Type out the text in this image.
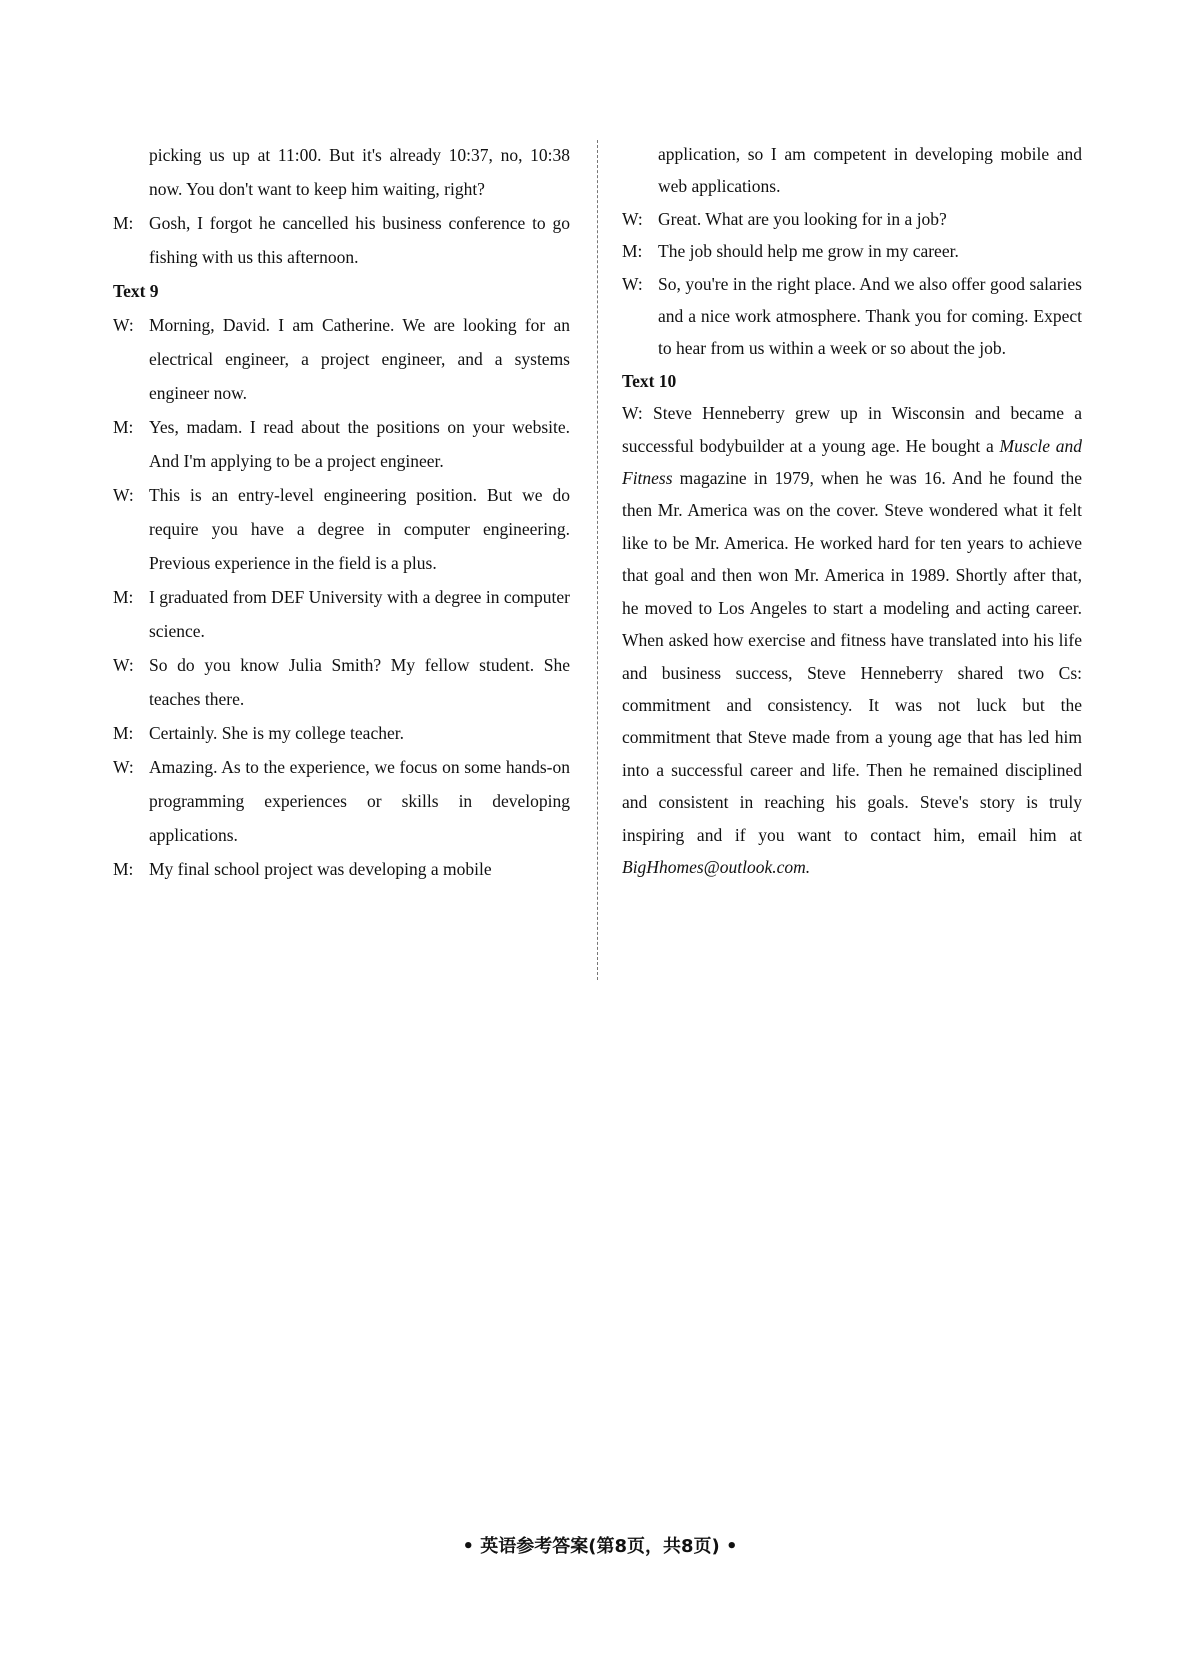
picking us up at 11:00. But it's already 10:37, no, 10:38 now. You don't want to keep him waiting, right?

M: Gosh, I forgot he cancelled his business conference to go fishing with us this afternoon.

Text 9

W: Morning, David. I am Catherine. We are looking for an electrical engineer, a project engineer, and a systems engineer now.

M: Yes, madam. I read about the positions on your website. And I'm applying to be a project engineer.

W: This is an entry-level engineering position. But we do require you have a degree in computer engineering. Previous experience in the field is a plus.

M: I graduated from DEF University with a degree in computer science.

W: So do you know Julia Smith? My fellow student. She teaches there.

M: Certainly. She is my college teacher.

W: Amazing. As to the experience, we focus on some hands-on programming experiences or skills in developing applications.

M: My final school project was developing a mobile

application, so I am competent in developing mobile and web applications.

W: Great. What are you looking for in a job?

M: The job should help me grow in my career.

W: So, you're in the right place. And we also offer good salaries and a nice work atmosphere. Thank you for coming. Expect to hear from us within a week or so about the job.

Text 10

W: Steve Henneberry grew up in Wisconsin and became a successful bodybuilder at a young age. He bought a Muscle and Fitness magazine in 1979, when he was 16. And he found the then Mr. America was on the cover. Steve wondered what it felt like to be Mr. America. He worked hard for ten years to achieve that goal and then won Mr. America in 1989. Shortly after that, he moved to Los Angeles to start a modeling and acting career. When asked how exercise and fitness have translated into his life and business success, Steve Henneberry shared two Cs: commitment and consistency. It was not luck but the commitment that Steve made from a young age that has led him into a successful career and life. Then he remained disciplined and consistent in reaching his goals. Steve's story is truly inspiring and if you want to contact him, email him at BigHhomes@outlook.com.

• 英语参考答案(第8页，共8页) •
